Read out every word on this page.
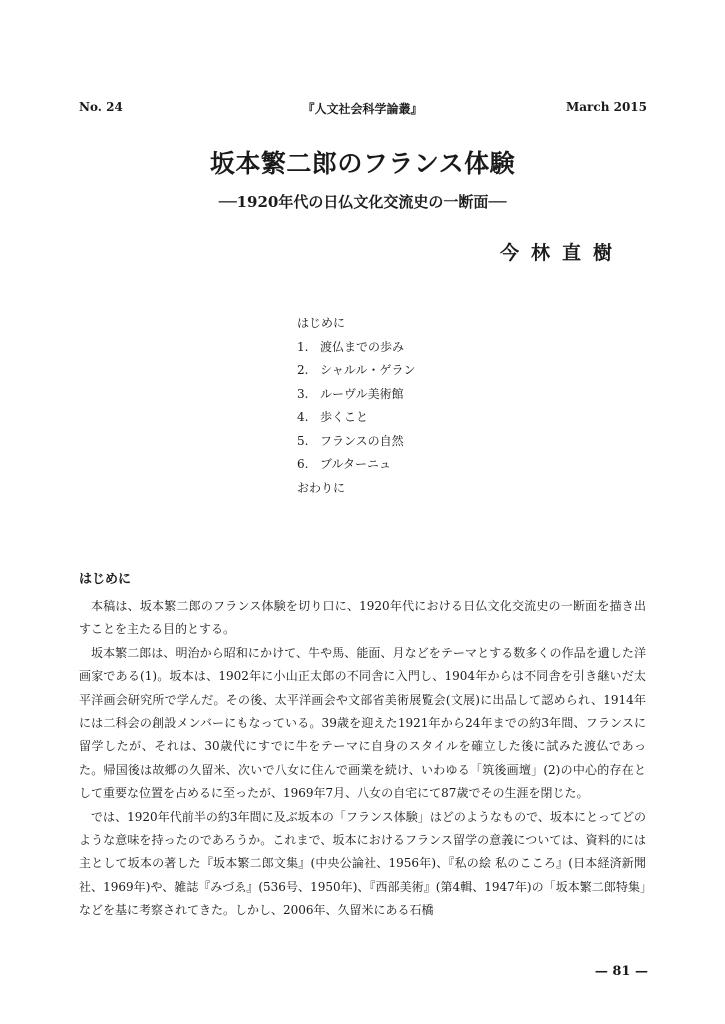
No. 24	『人文社会科学論叢』	March 2015
坂本繁二郎のフランス体験
──1920年代の日仏文化交流史の一断面──
今林直樹
はじめに
1. 渡仏までの歩み
2. シャルル・ゲラン
3. ルーヴル美術館
4. 歩くこと
5. フランスの自然
6. ブルターニュ
おわりに
はじめに

本稿は、坂本繁二郎のフランス体験を切り口に、1920年代における日仏文化交流史の一断面を描き出すことを主たる目的とする。

坂本繁二郎は、明治から昭和にかけて、牛や馬、能面、月などをテーマとする数多くの作品を遺した洋画家である(1)。坂本は、1902年に小山正太郎の不同舎に入門し、1904年からは不同舎を引き継いだ太平洋画会研究所で学んだ。その後、太平洋画会や文部省美術展覧会(文展)に出品して認められ、1914年には二科会の創設メンバーにもなっている。39歳を迎えた1921年から24年までの約3年間、フランスに留学したが、それは、30歳代にすでに牛をテーマに自身のスタイルを確立した後に試みた渡仏であった。帰国後は故郷の久留米、次いで八女に住んで画業を続け、いわゆる「筑後画壇」(2)の中心的存在として重要な位置を占めるに至ったが、1969年7月、八女の自宅にて87歳でその生涯を閉じた。

では、1920年代前半の約3年間に及ぶ坂本の「フランス体験」はどのようなもので、坂本にとってどのような意味を持ったのであろうか。これまで、坂本におけるフランス留学の意義については、資料的には主として坂本の著した『坂本繁二郎文集』(中央公論社、1956年)、『私の絵 私のこころ』(日本経済新聞社、1969年)や、雑誌『みづゑ』(536号、1950年)、『西部美術』(第4輯、1947年)の「坂本繁二郎特集」などを基に考察されてきた。しかし、2006年、久留米にある石橋

— 81 —
